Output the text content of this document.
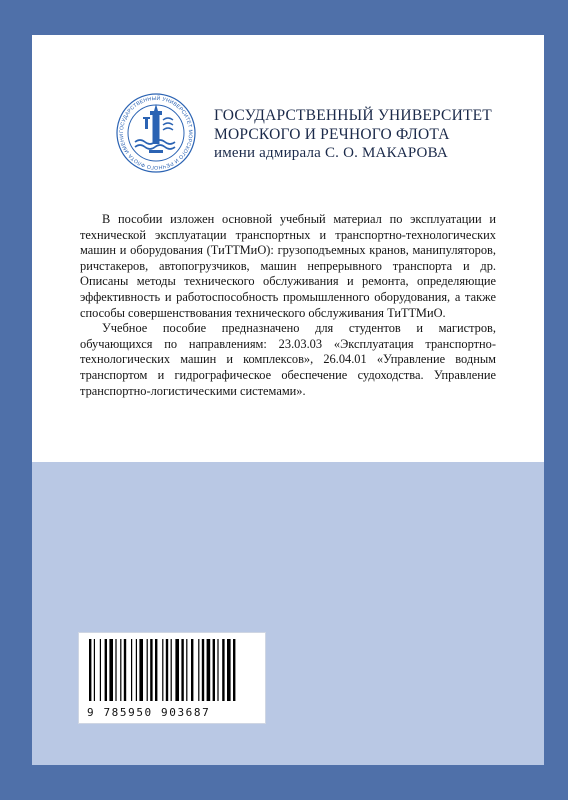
ГОСУДАРСТВЕННЫЙ УНИВЕРСИТЕТ МОРСКОГО И РЕЧНОГО ФЛОТА ИМЕНИ
ГОСУДАРСТВЕННЫЙ УНИВЕРСИТЕТ
МОРСКОГО И РЕЧНОГО ФЛОТА
имени адмирала С. О. МАКАРОВА

В пособии изложен основной учебный материал по эксплуатации и технической эксплуатации транспортных и транспортно-технологических машин и оборудования (ТиТТМиО): грузоподъемных кранов, манипуляторов, ричстакеров, автопогрузчиков, машин непрерывного транспорта и др. Описаны методы технического обслуживания и ремонта, определяющие эффективность и работоспособность промышленного оборудования, а также способы совершенствования технического обслуживания ТиТТМиО.

Учебное пособие предназначено для студентов и магистров, обучающихся по направлениям: 23.03.03 «Эксплуатация транспортно-технологических машин и комплексов», 26.04.01 «Управление водным транспортом и гидрографическое обеспечение судоходства. Управление транспортно-логистическими системами».

9 785950 903687
